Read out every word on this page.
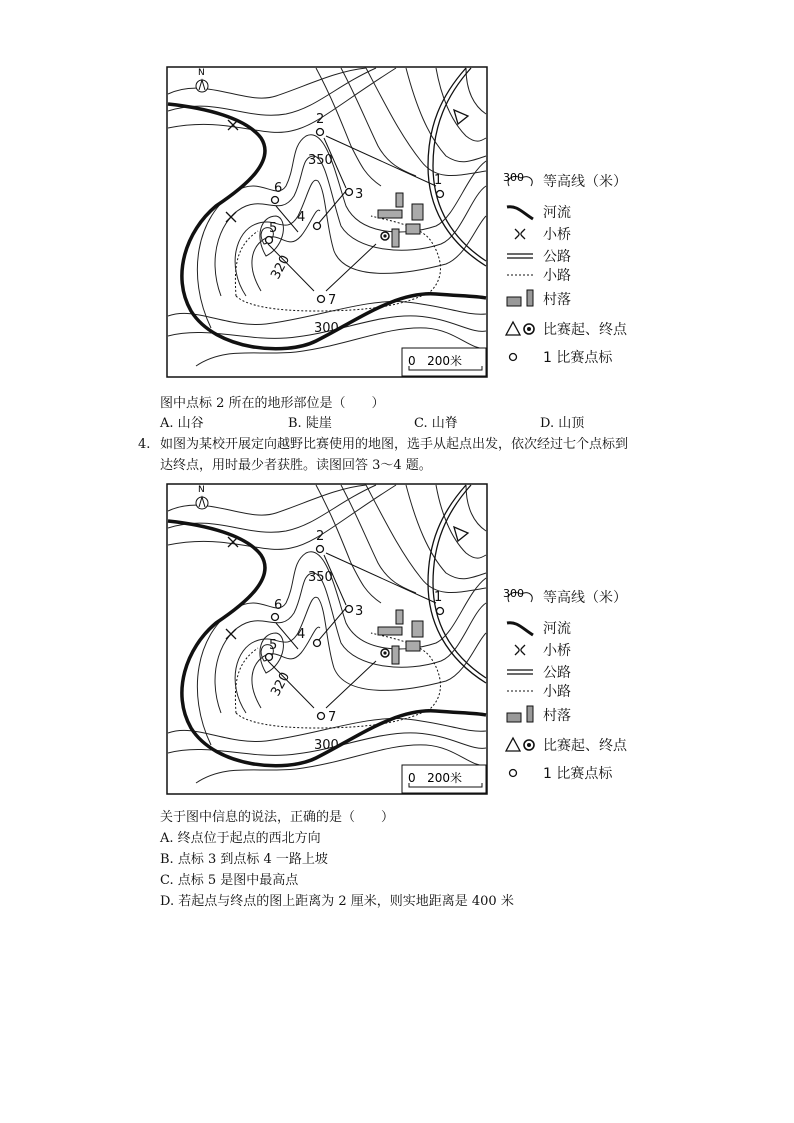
1
2
3
4
5
6
7
350
320
300
N
0   200米
300 等高线（米）
河流
小桥
公路
小路
村落
比赛起、终点
1 比赛点标
图中点标 2 所在的地形部位是（　　）
A. 山谷	B. 陡崖	C. 山脊	D. 山顶
4. 如图为某校开展定向越野比赛使用的地图，选手从起点出发，依次经过七个点标到
达终点，用时最少者获胜。读图回答 3～4 题。
1
2
3
4
5
6
7
350
320
300
N
0   200米
300 等高线（米）
河流
小桥
公路
小路
村落
比赛起、终点
1 比赛点标
关于图中信息的说法，正确的是（　　）
A. 终点位于起点的西北方向
B. 点标 3 到点标 4 一路上坡
C. 点标 5 是图中最高点
D. 若起点与终点的图上距离为 2 厘米，则实地距离是 400 米
